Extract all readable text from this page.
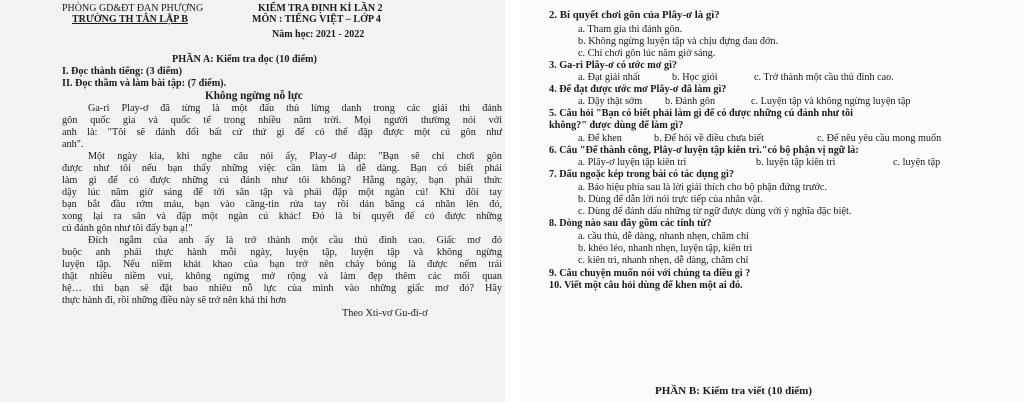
PHÒNG GD&ĐT ĐAN PHƯỢNG
TRƯỜNG TH TÂN LẬP B
KIỂM TRA ĐỊNH KÌ LẦN 2
MÔN : TIẾNG VIỆT – LỚP 4
Năm học: 2021 - 2022
PHẦN A: Kiểm tra đọc (10 điểm)
I. Đọc thành tiếng: (3 điểm)
II. Đọc thầm và làm bài tập: (7 điểm).
Không ngừng nỗ lực
Ga-ri Play-ơ đã từng là một đấu thủ lừng danh trong các giải thi đánh
gôn quốc gia và quốc tế trong nhiều năm trời. Mọi người thường nói với
anh là: "Tôi sẽ đánh đổi bất cứ thứ gì để có thể đập được một cú gôn như
anh".
Một ngày kia, khi nghe câu nói ấy, Play-ơ đáp: "Bạn sẽ chỉ chơi gôn
được như tôi nếu bạn thấy những việc cần làm là dễ dàng. Bạn có biết phải
làm gì để có được những cú đánh như tôi không? Hằng ngày, bạn phải thức
dậy lúc năm giờ sáng để tới sân tập và phải đập một ngàn cú! Khi đôi tay
bạn bắt đầu rớm máu, bạn vào căng-tin rửa tay rồi dán băng cá nhân lên đó,
xong lại ra sân và đập một ngàn cú khác! Đó là bí quyết để có được những
cú đánh gôn như tôi đấy bạn ạ!"
Đích ngắm của anh ấy là trở thành một cầu thủ đỉnh cao. Giấc mơ đó
buộc anh phải thực hành mỗi ngày, luyện tập, luyện tập và không ngừng
luyện tập. Nếu niềm khát khao của bạn trở nên cháy bỏng là được nếm trải
thật nhiều niềm vui, không ngừng mở rộng và làm đẹp thêm các mối quan
hệ… thì bạn sẽ đặt bao nhiêu nỗ lực của mình vào những giấc mơ đó? Hãy
thực hành đi, rồi những điều này sẽ trở nên khả thi hơn
Theo Xti-vơ Gu-đi-ơ
2. Bí quyết chơi gôn của Plây-ơ là gì?
a. Tham gia thi đánh gôn.
b. Không ngừng luyện tập và chịu đựng đau đớn.
c. Chỉ chơi gôn lúc năm giờ sáng.
3. Ga-ri Plây-ơ có ước mơ gì?
a. Đạt giải nhất	b. Học giỏi	c. Trở thành một cầu thủ đỉnh cao.
4. Để đạt được ước mơ Plây-ơ đã làm gì?
a. Dậy thật sớm b. Đánh gôn	c. Luyện tập và không ngừng luyện tập
5. Câu hỏi "Bạn có biết phải làm gì để có được những cú đánh như tôi
không?" được dùng để làm gì?
a. Để khen	b. Để hỏi về điều chưa biết	c. Để nêu yêu cầu mong muốn
6. Câu "Để thành công, Plây-ơ luyện tập kiên trì."có bộ phận vị ngữ là:
a. Plây-ơ luyện tập kiên trì	b. luyện tập kiên trì	c. luyện tập
7. Dấu ngoặc kép trong bài có tác dụng gì?
a. Báo hiệu phía sau là lời giải thích cho bộ phận đứng trước.
b. Dùng để dẫn lời nói trực tiếp của nhân vật.
c. Dùng để đánh dấu những từ ngữ được dùng với ý nghĩa đặc biệt.
8. Dòng nào sau đây gồm các tính từ?
a. cầu thủ, dễ dàng, nhanh nhẹn, chăm chỉ
b. khéo léo, nhanh nhẹn, luyện tập, kiên trì
c. kiên trì, nhanh nhẹn, dễ dàng, chăm chỉ
9. Câu chuyện muốn nói với chúng ta điều gì ?
10. Viết một câu hỏi dùng để khen một ai đó.
PHẦN B: Kiểm tra viết (10 điểm)
